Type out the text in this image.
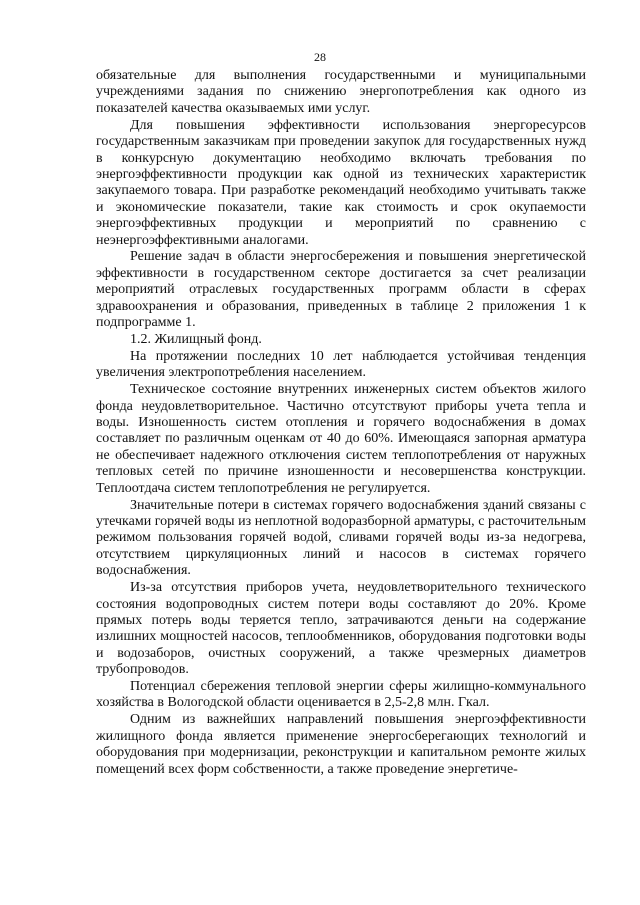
28

обязательные для выполнения государственными и муниципальными учреждениями задания по снижению энергопотребления как одного из показателей качества оказываемых ими услуг.

Для повышения эффективности использования энергоресурсов государственным заказчикам при проведении закупок для государственных нужд в конкурсную документацию необходимо включать требования по энергоэффективности продукции как одной из технических характеристик закупаемого товара. При разработке рекомендаций необходимо учитывать также и экономические показатели, такие как стоимость и срок окупаемости энергоэффективных продукции и мероприятий по сравнению с неэнергоэффективными аналогами.

Решение задач в области энергосбережения и повышения энергетической эффективности в государственном секторе достигается за счет реализации мероприятий отраслевых государственных программ области в сферах здравоохранения и образования, приведенных в таблице 2 приложения 1 к подпрограмме 1.

1.2. Жилищный фонд.

На протяжении последних 10 лет наблюдается устойчивая тенденция увеличения электропотребления населением.

Техническое состояние внутренних инженерных систем объектов жилого фонда неудовлетворительное. Частично отсутствуют приборы учета тепла и воды. Изношенность систем отопления и горячего водоснабжения в домах составляет по различным оценкам от 40 до 60%. Имеющаяся запорная арматура не обеспечивает надежного отключения систем теплопотребления от наружных тепловых сетей по причине изношенности и несовершенства конструкции. Теплоотдача систем теплопотребления не регулируется.

Значительные потери в системах горячего водоснабжения зданий связаны с утечками горячей воды из неплотной водоразборной арматуры, с расточительным режимом пользования горячей водой, сливами горячей воды из-за недогрева, отсутствием циркуляционных линий и насосов в системах горячего водоснабжения.

Из-за отсутствия приборов учета, неудовлетворительного технического состояния водопроводных систем потери воды составляют до 20%. Кроме прямых потерь воды теряется тепло, затрачиваются деньги на содержание излишних мощностей насосов, теплообменников, оборудования подготовки воды и водозаборов, очистных сооружений, а также чрезмерных диаметров трубопроводов.

Потенциал сбережения тепловой энергии сферы жилищно-коммунального хозяйства в Вологодской области оценивается в 2,5-2,8 млн. Гкал.

Одним из важнейших направлений повышения энергоэффективности жилищного фонда является применение энергосберегающих технологий и оборудования при модернизации, реконструкции и капитальном ремонте жилых помещений всех форм собственности, а также проведение энергетиче-
